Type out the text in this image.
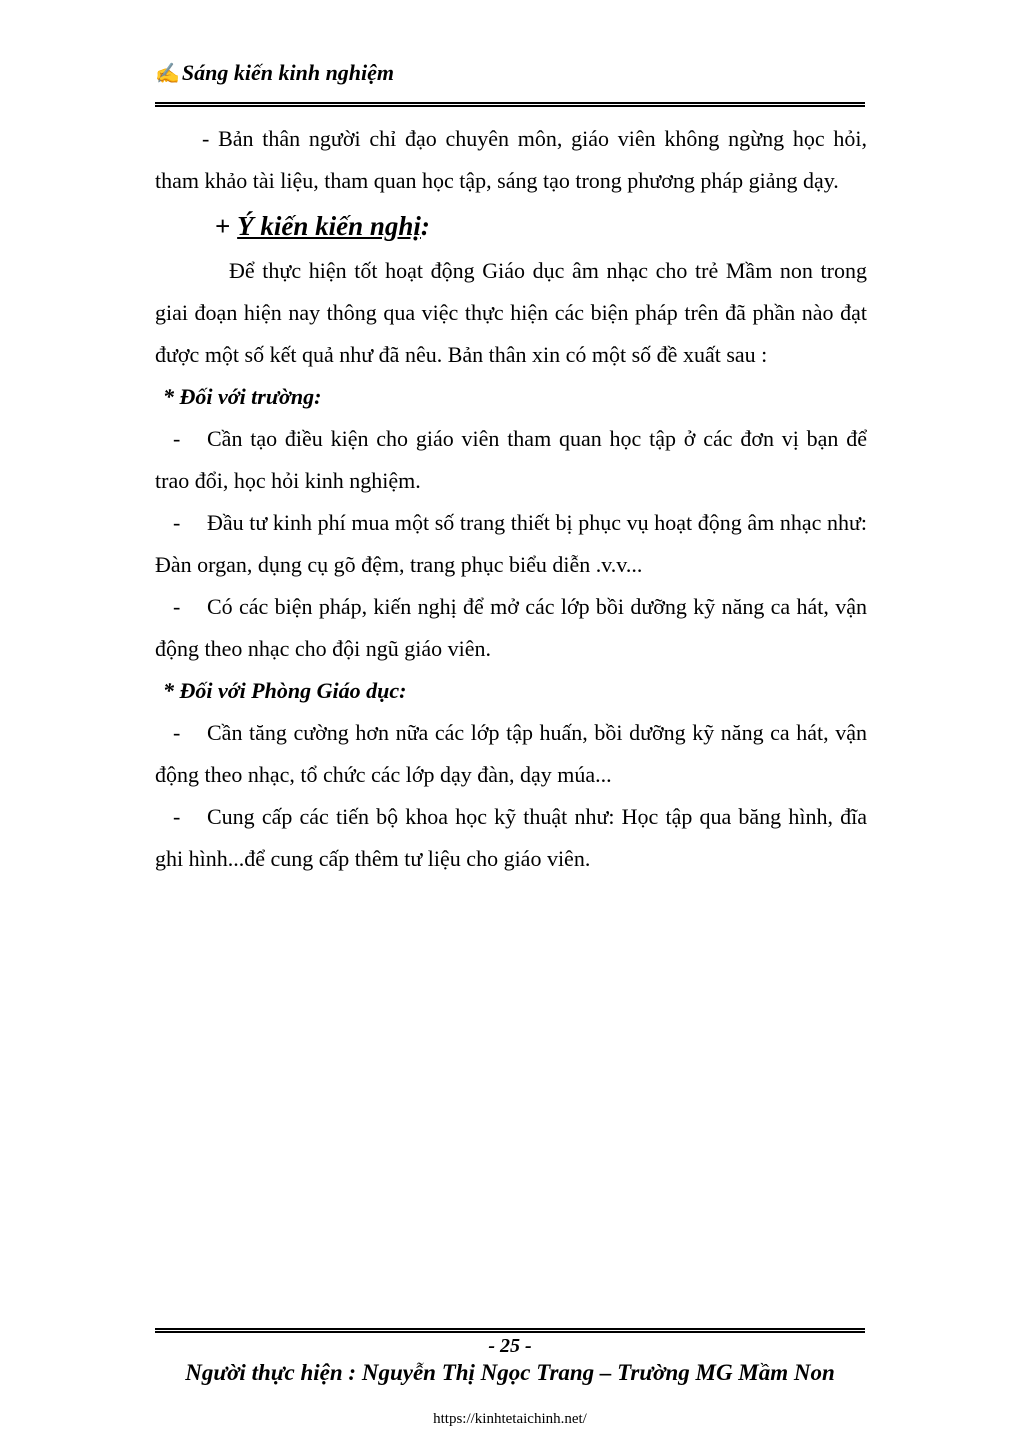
✍Sáng kiến kinh nghiệm

- Bản thân người chỉ đạo chuyên môn, giáo viên không ngừng học hỏi, tham khảo tài liệu, tham quan học tập, sáng tạo trong phương pháp giảng dạy.

+ Ý kiến kiến nghị:

Để thực hiện tốt hoạt động Giáo dục âm nhạc cho trẻ Mầm non trong giai đoạn hiện nay thông qua việc thực hiện các biện pháp trên đã phần nào đạt được một số kết quả như đã nêu. Bản thân xin có một số đề xuất sau :

* Đối với trường:

- Cần tạo điều kiện cho giáo viên tham quan học tập ở các đơn vị bạn để trao đổi, học hỏi kinh nghiệm.

- Đầu tư kinh phí mua một số trang thiết bị phục vụ hoạt động âm nhạc như: Đàn organ, dụng cụ gõ đệm, trang phục biểu diễn .v.v...

- Có các biện pháp, kiến nghị để mở các lớp bồi dưỡng kỹ năng ca hát, vận động theo nhạc cho đội ngũ giáo viên.

* Đối với Phòng Giáo dục:

- Cần tăng cường hơn nữa các lớp tập huấn, bồi dưỡng kỹ năng ca hát, vận động theo nhạc, tổ chức các lớp dạy đàn, dạy múa...

- Cung cấp các tiến bộ khoa học kỹ thuật như: Học tập qua băng hình, đĩa ghi hình...để cung cấp thêm tư liệu cho giáo viên.

- 25 -
Người thực hiện : Nguyễn Thị Ngọc Trang – Trường MG Mầm Non
https://kinhtetaichinh.net/
